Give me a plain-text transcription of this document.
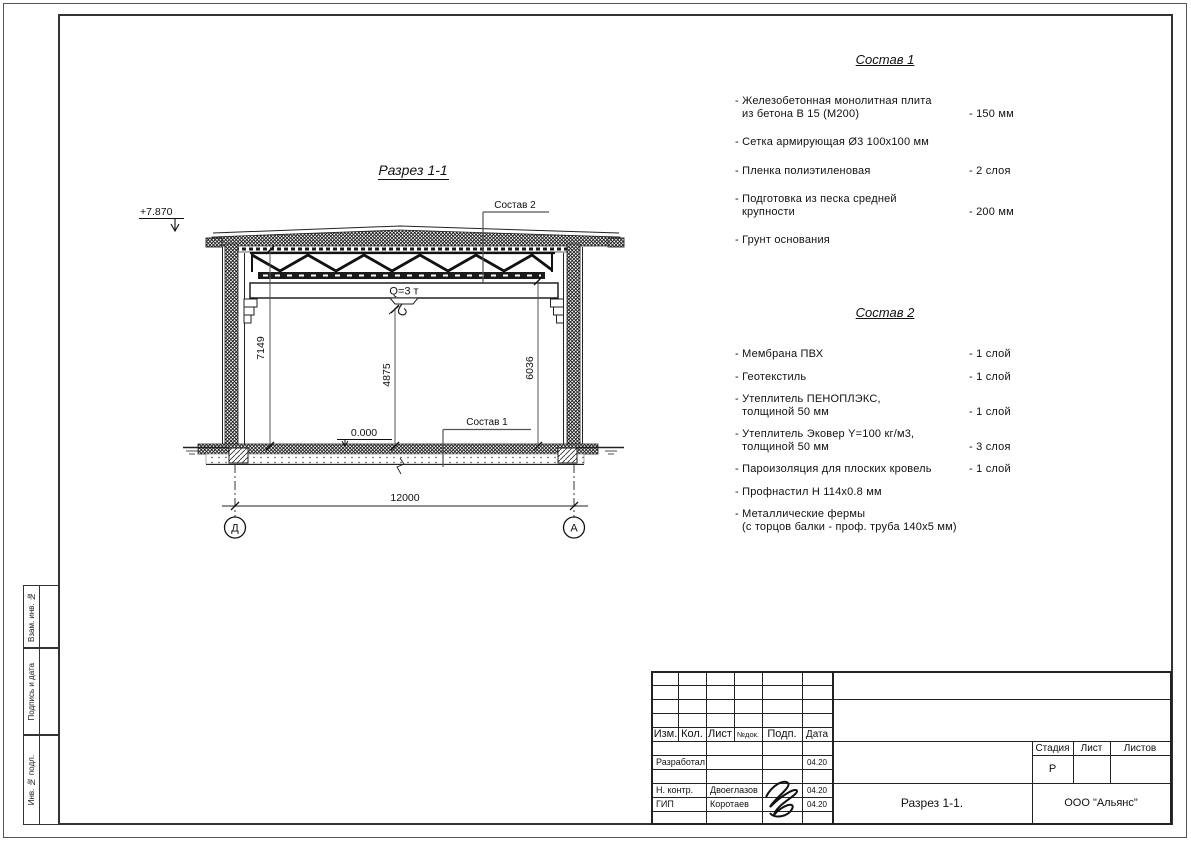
Взам. инв. №
Подпись и дата
Инв. № подл.
Разрез 1-1
+7.870
Q=3 т
Состав 2
Состав 1
0.000
7149
4875	6036
12000
Д	А
Состав 1
- Железобетонная монолитная плита
из бетона В 15 (М200)	- 150 мм
- Сетка армирующая Ø3 100х100 мм
- Пленка полиэтиленовая	- 2 слоя
- Подготовка из песка средней
крупности	- 200 мм
- Грунт основания
Состав 2
- Мембрана ПВХ	- 1 слой
- Геотекстиль	- 1 слой
- Утеплитель ПЕНОПЛЭКС,
толщиной 50 мм	- 1 слой
- Утеплитель Эковер Y=100 кг/м3,
толщиной 50 мм	- 3 слоя
- Пароизоляция для плоских кровель	- 1 слой
- Профнастил Н 114х0.8 мм
- Металлические фермы
(с торцов балки - проф. труба 140х5 мм)
Изм. Кол. Лист №док. Подп. Дата
Разработал	04.20
Н. контр.	Двоеглазов	04.20
ГИП	Коротаев	04.20
Стадия	Лист	Листов
Р
Разрез 1-1.	ООО "Альянс"
